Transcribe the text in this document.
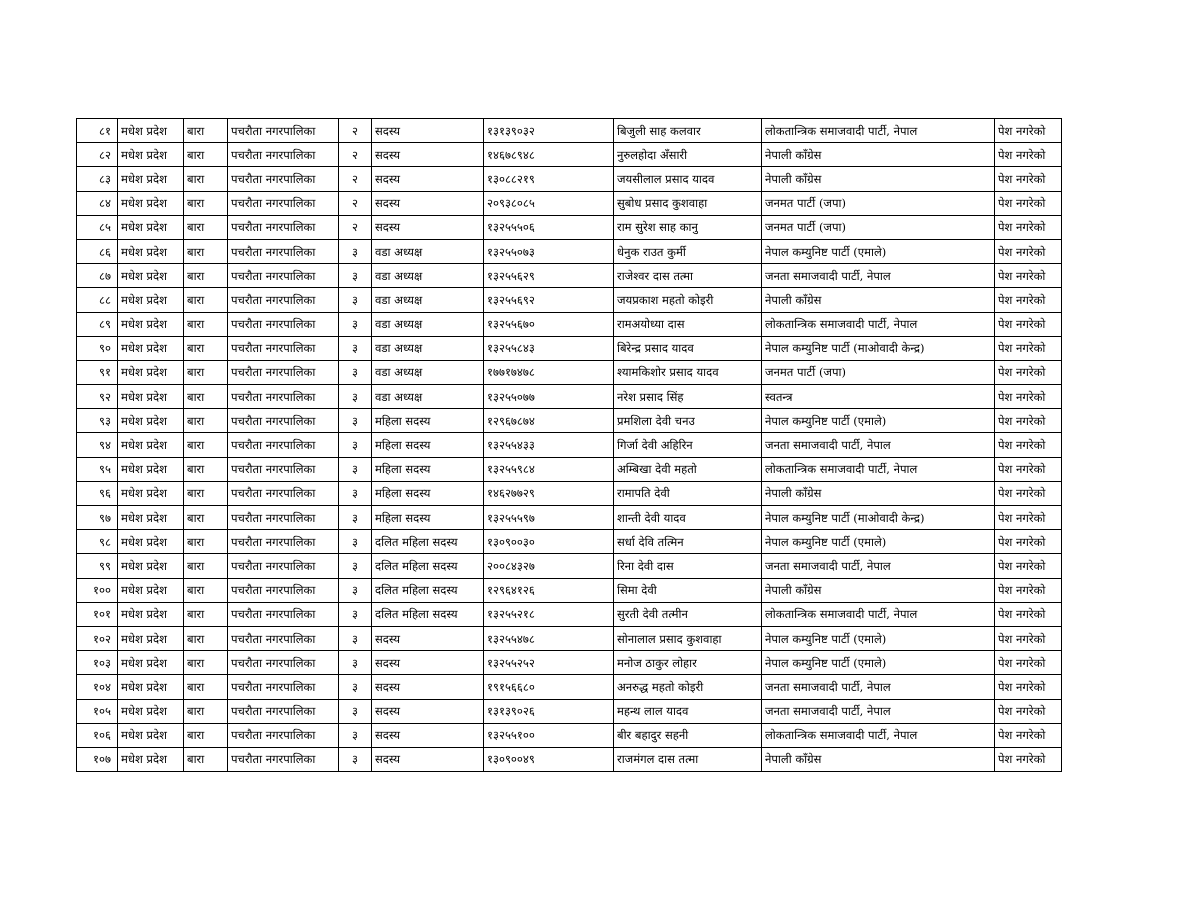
८१	मधेश प्रदेश	बारा	पचरौता नगरपालिका	२	सदस्य	१३१३९०३२	बिजुली साह कलवार	लोकतान्त्रिक समाजवादी पार्टी, नेपाल	पेश नगरेको
८२	मधेश प्रदेश	बारा	पचरौता नगरपालिका	२	सदस्य	१४६७८९४८	नुरुलहोदा अँसारी	नेपाली काँग्रेस	पेश नगरेको
८३	मधेश प्रदेश	बारा	पचरौता नगरपालिका	२	सदस्य	१३०८८२१९	जयसीलाल प्रसाद यादव	नेपाली काँग्रेस	पेश नगरेको
८४	मधेश प्रदेश	बारा	पचरौता नगरपालिका	२	सदस्य	२०९३८०८५	सुबोध प्रसाद कुशवाहा	जनमत पार्टी (जपा)	पेश नगरेको
८५	मधेश प्रदेश	बारा	पचरौता नगरपालिका	२	सदस्य	१३२५५५०६	राम सुरेश साह कानु	जनमत पार्टी (जपा)	पेश नगरेको
८६	मधेश प्रदेश	बारा	पचरौता नगरपालिका	३	वडा अध्यक्ष	१३२५५०७३	धेनुक राउत कुर्मी	नेपाल कम्युनिष्ट पार्टी (एमाले)	पेश नगरेको
८७	मधेश प्रदेश	बारा	पचरौता नगरपालिका	३	वडा अध्यक्ष	१३२५५६२९	राजेश्वर दास तत्मा	जनता समाजवादी पार्टी, नेपाल	पेश नगरेको
८८	मधेश प्रदेश	बारा	पचरौता नगरपालिका	३	वडा अध्यक्ष	१३२५५६९२	जयप्रकाश महतो कोइरी	नेपाली काँग्रेस	पेश नगरेको
८९	मधेश प्रदेश	बारा	पचरौता नगरपालिका	३	वडा अध्यक्ष	१३२५५६७०	रामअयोध्या दास	लोकतान्त्रिक समाजवादी पार्टी, नेपाल	पेश नगरेको
९०	मधेश प्रदेश	बारा	पचरौता नगरपालिका	३	वडा अध्यक्ष	१३२५५८४३	बिरेन्द्र प्रसाद यादव	नेपाल कम्युनिष्ट पार्टी (माओवादी केन्द्र)	पेश नगरेको
९१	मधेश प्रदेश	बारा	पचरौता नगरपालिका	३	वडा अध्यक्ष	१७७१७४७८	श्यामकिशोर प्रसाद यादव	जनमत पार्टी (जपा)	पेश नगरेको
९२	मधेश प्रदेश	बारा	पचरौता नगरपालिका	३	वडा अध्यक्ष	१३२५५०७७	नरेश प्रसाद सिंह	स्वतन्त्र	पेश नगरेको
९३	मधेश प्रदेश	बारा	पचरौता नगरपालिका	३	महिला सदस्य	१२९६७८७४	प्रमशिला देवी चनउ	नेपाल कम्युनिष्ट पार्टी (एमाले)	पेश नगरेको
९४	मधेश प्रदेश	बारा	पचरौता नगरपालिका	३	महिला सदस्य	१३२५५४३३	गिर्जा देवी अहिरिन	जनता समाजवादी पार्टी, नेपाल	पेश नगरेको
९५	मधेश प्रदेश	बारा	पचरौता नगरपालिका	३	महिला सदस्य	१३२५५९८४	अम्बिखा देवी महतो	लोकतान्त्रिक समाजवादी पार्टी, नेपाल	पेश नगरेको
९६	मधेश प्रदेश	बारा	पचरौता नगरपालिका	३	महिला सदस्य	१४६२७७२९	रामापति देवी	नेपाली काँग्रेस	पेश नगरेको
९७	मधेश प्रदेश	बारा	पचरौता नगरपालिका	३	महिला सदस्य	१३२५५५९७	शान्ती देवी यादव	नेपाल कम्युनिष्ट पार्टी (माओवादी केन्द्र)	पेश नगरेको
९८	मधेश प्रदेश	बारा	पचरौता नगरपालिका	३	दलित महिला सदस्य	१३०९००३०	सर्धा देवि तत्मिन	नेपाल कम्युनिष्ट पार्टी (एमाले)	पेश नगरेको
९९	मधेश प्रदेश	बारा	पचरौता नगरपालिका	३	दलित महिला सदस्य	२००८४३२७	रिना देवी दास	जनता समाजवादी पार्टी, नेपाल	पेश नगरेको
१००	मधेश प्रदेश	बारा	पचरौता नगरपालिका	३	दलित महिला सदस्य	१२९६४१२६	सिमा देवी	नेपाली काँग्रेस	पेश नगरेको
१०१	मधेश प्रदेश	बारा	पचरौता नगरपालिका	३	दलित महिला सदस्य	१३२५५२१८	सुरती देवी तत्मीन	लोकतान्त्रिक समाजवादी पार्टी, नेपाल	पेश नगरेको
१०२	मधेश प्रदेश	बारा	पचरौता नगरपालिका	३	सदस्य	१३२५५४७८	सोनालाल प्रसाद कुशवाहा	नेपाल कम्युनिष्ट पार्टी (एमाले)	पेश नगरेको
१०३	मधेश प्रदेश	बारा	पचरौता नगरपालिका	३	सदस्य	१३२५५२५२	मनोज ठाकुर लोहार	नेपाल कम्युनिष्ट पार्टी (एमाले)	पेश नगरेको
१०४	मधेश प्रदेश	बारा	पचरौता नगरपालिका	३	सदस्य	१९१५६६८०	अनरुद्ध महतो कोइरी	जनता समाजवादी पार्टी, नेपाल	पेश नगरेको
१०५	मधेश प्रदेश	बारा	पचरौता नगरपालिका	३	सदस्य	१३१३९०२६	महन्थ लाल यादव	जनता समाजवादी पार्टी, नेपाल	पेश नगरेको
१०६	मधेश प्रदेश	बारा	पचरौता नगरपालिका	३	सदस्य	१३२५५१००	बीर बहादुर सहनी	लोकतान्त्रिक समाजवादी पार्टी, नेपाल	पेश नगरेको
१०७	मधेश प्रदेश	बारा	पचरौता नगरपालिका	३	सदस्य	१३०९००४९	राजमंगल दास तत्मा	नेपाली काँग्रेस	पेश नगरेको
